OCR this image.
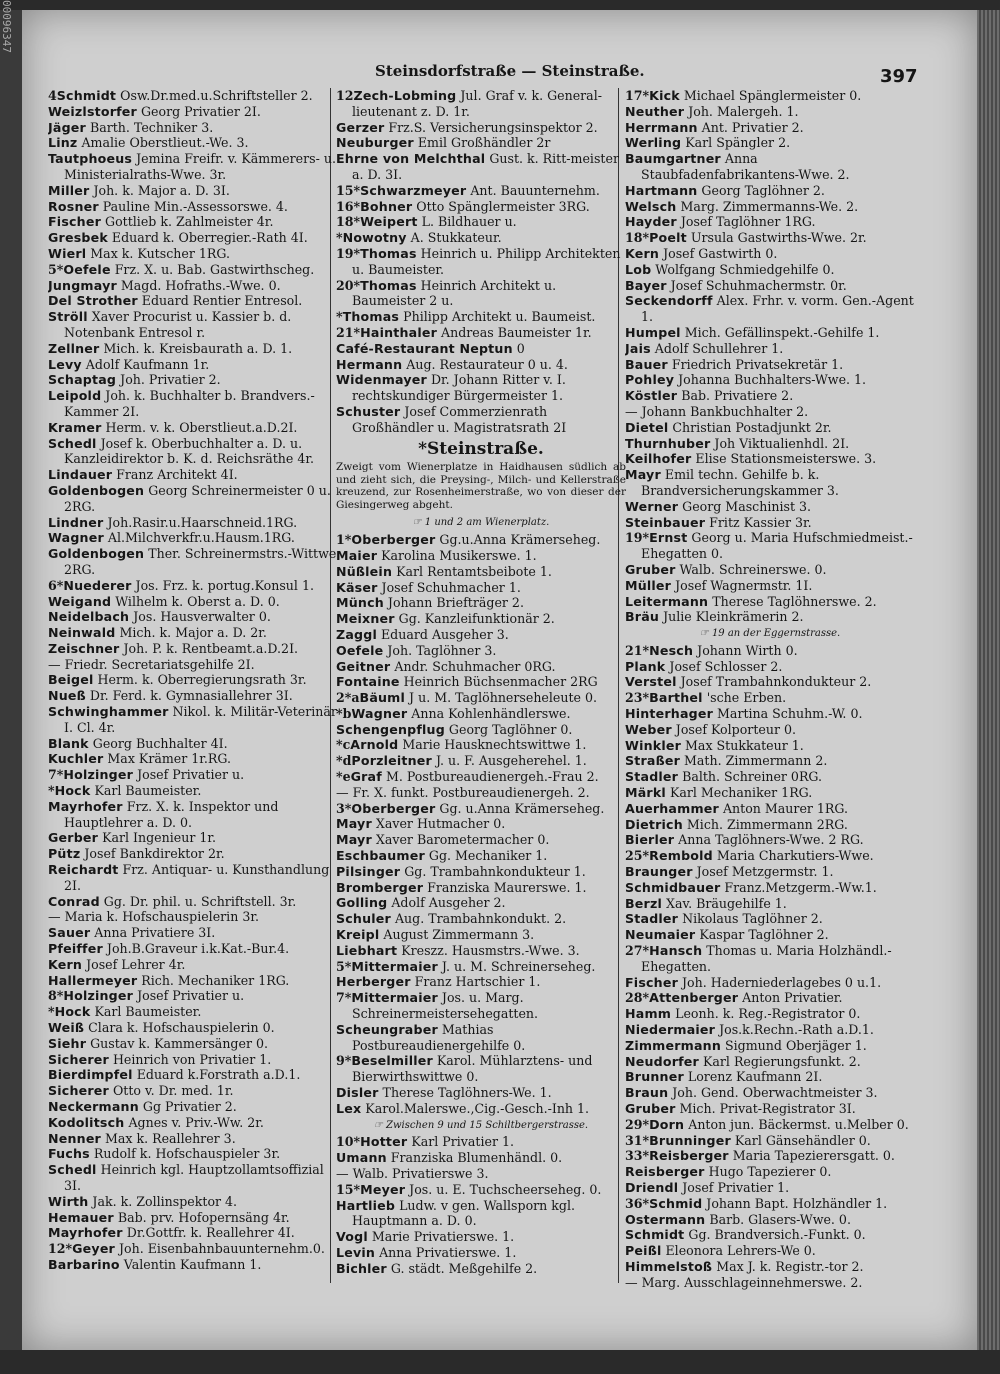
00096347
Steinsdorfstraße — Steinstraße.	397

4Schmidt Osw.Dr.med.u.Schriftsteller 2.

Weizlstorfer Georg Privatier 2I.

Jäger Barth. Techniker 3.

Linz Amalie Oberstlieut.-We. 3.

Tautphoeus Jemina Freifr. v. Kämmerers- u. Ministerialraths-Wwe. 3r.

Miller Joh. k. Major a. D. 3I.

Rosner Pauline Min.-Assessorswe. 4.

Fischer Gottlieb k. Zahlmeister 4r.

Gresbek Eduard k. Oberregier.-Rath 4I.

Wierl Max k. Kutscher 1RG.

5*Oefele Frz. X. u. Bab. Gastwirthscheg.

Jungmayr Magd. Hofraths.-Wwe. 0.

Del Strother Eduard Rentier Entresol.

Ströll Xaver Procurist u. Kassier b. d. Notenbank Entresol r.

Zellner Mich. k. Kreisbaurath a. D. 1.

Levy Adolf Kaufmann 1r.

Schaptag Joh. Privatier 2.

Leipold Joh. k. Buchhalter b. Brandvers.-Kammer 2I.

Kramer Herm. v. k. Oberstlieut.a.D.2I.

Schedl Josef k. Oberbuchhalter a. D. u. Kanzleidirektor b. K. d. Reichsräthe 4r.

Lindauer Franz Architekt 4I.

Goldenbogen Georg Schreinermeister 0 u. 2RG.

Lindner Joh.Rasir.u.Haarschneid.1RG.

Wagner Al.Milchverkfr.u.Hausm.1RG.

Goldenbogen Ther. Schreinermstrs.-Wittwe 2RG.

6*Nuederer Jos. Frz. k. portug.Konsul 1.

Weigand Wilhelm k. Oberst a. D. 0.

Neidelbach Jos. Hausverwalter 0.

Neinwald Mich. k. Major a. D. 2r.

Zeischner Joh. P. k. Rentbeamt.a.D.2I.

— Friedr. Secretariatsgehilfe 2I.

Beigel Herm. k. Oberregierungsrath 3r.

Nueß Dr. Ferd. k. Gymnasiallehrer 3I.

Schwinghammer Nikol. k. Militär-Veterinär I. Cl. 4r.

Blank Georg Buchhalter 4I.

Kuchler Max Krämer 1r.RG.

7*Holzinger Josef Privatier u.

*Hock Karl Baumeister.

Mayrhofer Frz. X. k. Inspektor und Hauptlehrer a. D. 0.

Gerber Karl Ingenieur 1r.

Pütz Josef Bankdirektor 2r.

Reichardt Frz. Antiquar- u. Kunsthandlung 2I.

Conrad Gg. Dr. phil. u. Schriftstell. 3r.

— Maria k. Hofschauspielerin 3r.

Sauer Anna Privatiere 3I.

Pfeiffer Joh.B.Graveur i.k.Kat.-Bur.4.

Kern Josef Lehrer 4r.

Hallermeyer Rich. Mechaniker 1RG.

8*Holzinger Josef Privatier u.

*Hock Karl Baumeister.

Weiß Clara k. Hofschauspielerin 0.

Siehr Gustav k. Kammersänger 0.

Sicherer Heinrich von Privatier 1.

Bierdimpfel Eduard k.Forstrath a.D.1.

Sicherer Otto v. Dr. med. 1r.

Neckermann Gg Privatier 2.

Kodolitsch Agnes v. Priv.-Ww. 2r.

Nenner Max k. Reallehrer 3.

Fuchs Rudolf k. Hofschauspieler 3r.

Schedl Heinrich kgl. Hauptzollamtsoffizial 3I.

Wirth Jak. k. Zollinspektor 4.

Hemauer Bab. prv. Hofopernsäng 4r.

Mayrhofer Dr.Gottfr. k. Reallehrer 4I.

12*Geyer Joh. Eisenbahnbauunternehm.0.

Barbarino Valentin Kaufmann 1.

12Zech-Lobming Jul. Graf v. k. General-lieutenant z. D. 1r.

Gerzer Frz.S. Versicherungsinspektor 2.

Neuburger Emil Großhändler 2r

Ehrne von Melchthal Gust. k. Ritt-meister a. D. 3I.

15*Schwarzmeyer Ant. Bauunternehm.

16*Bohner Otto Spänglermeister 3RG.

18*Weipert L. Bildhauer u.

*Nowotny A. Stukkateur.

19*Thomas Heinrich u. Philipp Architekten u. Baumeister.

20*Thomas Heinrich Architekt u. Baumeister 2 u.

*Thomas Philipp Architekt u. Baumeist.

21*Hainthaler Andreas Baumeister 1r.

Café-Restaurant Neptun 0

Hermann Aug. Restaurateur 0 u. 4.

Widenmayer Dr. Johann Ritter v. I. rechtskundiger Bürgermeister 1.

Schuster Josef Commerzienrath Großhändler u. Magistratsrath 2I

*Steinstraße.
Zweigt vom Wienerplatze in Haidhausen südlich ab und zieht sich, die Preysing-, Milch- und Kellerstraße kreuzend, zur Rosenheimerstraße, wo von dieser der Giesingerweg abgeht.
☞ 1 und 2 am Wienerplatz.

1*Oberberger Gg.u.Anna Krämerseheg.

Maier Karolina Musikerswe. 1.

Nüßlein Karl Rentamtsbeibote 1.

Käser Josef Schuhmacher 1.

Münch Johann Briefträger 2.

Meixner Gg. Kanzleifunktionär 2.

Zaggl Eduard Ausgeher 3.

Oefele Joh. Taglöhner 3.

Geitner Andr. Schuhmacher 0RG.

Fontaine Heinrich Büchsenmacher 2RG

2*aBäuml J u. M. Taglöhnerseheleute 0.

*bWagner Anna Kohlenhändlerswe.

Schengenpflug Georg Taglöhner 0.

*cArnold Marie Hausknechtswittwe 1.

*dPorzleitner J. u. F. Ausgeherehel. 1.

*eGraf M. Postbureaudienergeh.-Frau 2.

— Fr. X. funkt. Postbureaudienergeh. 2.

3*Oberberger Gg. u.Anna Krämerseheg.

Mayr Xaver Hutmacher 0.

Mayr Xaver Barometermacher 0.

Eschbaumer Gg. Mechaniker 1.

Pilsinger Gg. Trambahnkondukteur 1.

Bromberger Franziska Maurerswe. 1.

Golling Adolf Ausgeher 2.

Schuler Aug. Trambahnkondukt. 2.

Kreipl August Zimmermann 3.

Liebhart Kreszz. Hausmstrs.-Wwe. 3.

5*Mittermaier J. u. M. Schreinerseheg.

Herberger Franz Hartschier 1.

7*Mittermaier Jos. u. Marg. Schreinermeistersehegatten.

Scheungraber Mathias Postbureaudienergehilfe 0.

9*Beselmiller Karol. Mühlarztens- und Bierwirthswittwe 0.

Disler Therese Taglöhners-We. 1.

Lex Karol.Malerswe.,Cig.-Gesch.-Inh 1.

☞ Zwischen 9 und 15 Schiltbergerstrasse.

10*Hotter Karl Privatier 1.

Umann Franziska Blumenhändl. 0.

— Walb. Privatierswe 3.

15*Meyer Jos. u. E. Tuchscheerseheg. 0.

Hartlieb Ludw. v gen. Wallsporn kgl. Hauptmann a. D. 0.

Vogl Marie Privatierswe. 1.

Levin Anna Privatierswe. 1.

Bichler G. städt. Meßgehilfe 2.

17*Kick Michael Spänglermeister 0.

Neuther Joh. Malergeh. 1.

Herrmann Ant. Privatier 2.

Werling Karl Spängler 2.

Baumgartner Anna Staubfadenfabrikantens-Wwe. 2.

Hartmann Georg Taglöhner 2.

Welsch Marg. Zimmermanns-We. 2.

Hayder Josef Taglöhner 1RG.

18*Poelt Ursula Gastwirths-Wwe. 2r.

Kern Josef Gastwirth 0.

Lob Wolfgang Schmiedgehilfe 0.

Bayer Josef Schuhmachermstr. 0r.

Seckendorff Alex. Frhr. v. vorm. Gen.-Agent 1.

Humpel Mich. Gefällinspekt.-Gehilfe 1.

Jais Adolf Schullehrer 1.

Bauer Friedrich Privatsekretär 1.

Pohley Johanna Buchhalters-Wwe. 1.

Köstler Bab. Privatiere 2.

— Johann Bankbuchhalter 2.

Dietel Christian Postadjunkt 2r.

Thurnhuber Joh Viktualienhdl. 2I.

Keilhofer Elise Stationsmeisterswe. 3.

Mayr Emil techn. Gehilfe b. k. Brandversicherungskammer 3.

Werner Georg Maschinist 3.

Steinbauer Fritz Kassier 3r.

19*Ernst Georg u. Maria Hufschmiedmeist.-Ehegatten 0.

Gruber Walb. Schreinerswe. 0.

Müller Josef Wagnermstr. 1I.

Leitermann Therese Taglöhnerswe. 2.

Bräu Julie Kleinkrämerin 2.

☞ 19 an der Eggernstrasse.

21*Nesch Johann Wirth 0.

Plank Josef Schlosser 2.

Verstel Josef Trambahnkondukteur 2.

23*Barthel 'sche Erben.

Hinterhager Martina Schuhm.-W. 0.

Weber Josef Kolporteur 0.

Winkler Max Stukkateur 1.

Straßer Math. Zimmermann 2.

Stadler Balth. Schreiner 0RG.

Märkl Karl Mechaniker 1RG.

Auerhammer Anton Maurer 1RG.

Dietrich Mich. Zimmermann 2RG.

Bierler Anna Taglöhners-Wwe. 2 RG.

25*Rembold Maria Charkutiers-Wwe.

Braunger Josef Metzgermstr. 1.

Schmidbauer Franz.Metzgerm.-Ww.1.

Berzl Xav. Bräugehilfe 1.

Stadler Nikolaus Taglöhner 2.

Neumaier Kaspar Taglöhner 2.

27*Hansch Thomas u. Maria Holzhändl.-Ehegatten.

Fischer Joh. Haderniederlagebes 0 u.1.

28*Attenberger Anton Privatier.

Hamm Leonh. k. Reg.-Registrator 0.

Niedermaier Jos.k.Rechn.-Rath a.D.1.

Zimmermann Sigmund Oberjäger 1.

Neudorfer Karl Regierungsfunkt. 2.

Brunner Lorenz Kaufmann 2I.

Braun Joh. Gend. Oberwachtmeister 3.

Gruber Mich. Privat-Registrator 3I.

29*Dorn Anton jun. Bäckermst. u.Melber 0.

31*Brunninger Karl Gänsehändler 0.

33*Reisberger Maria Tapezierersgatt. 0.

Reisberger Hugo Tapezierer 0.

Driendl Josef Privatier 1.

36*Schmid Johann Bapt. Holzhändler 1.

Ostermann Barb. Glasers-Wwe. 0.

Schmidt Gg. Brandversich.-Funkt. 0.

Peißl Eleonora Lehrers-We 0.

Himmelstoß Max J. k. Registr.-tor 2.

— Marg. Ausschlageinnehmerswe. 2.
